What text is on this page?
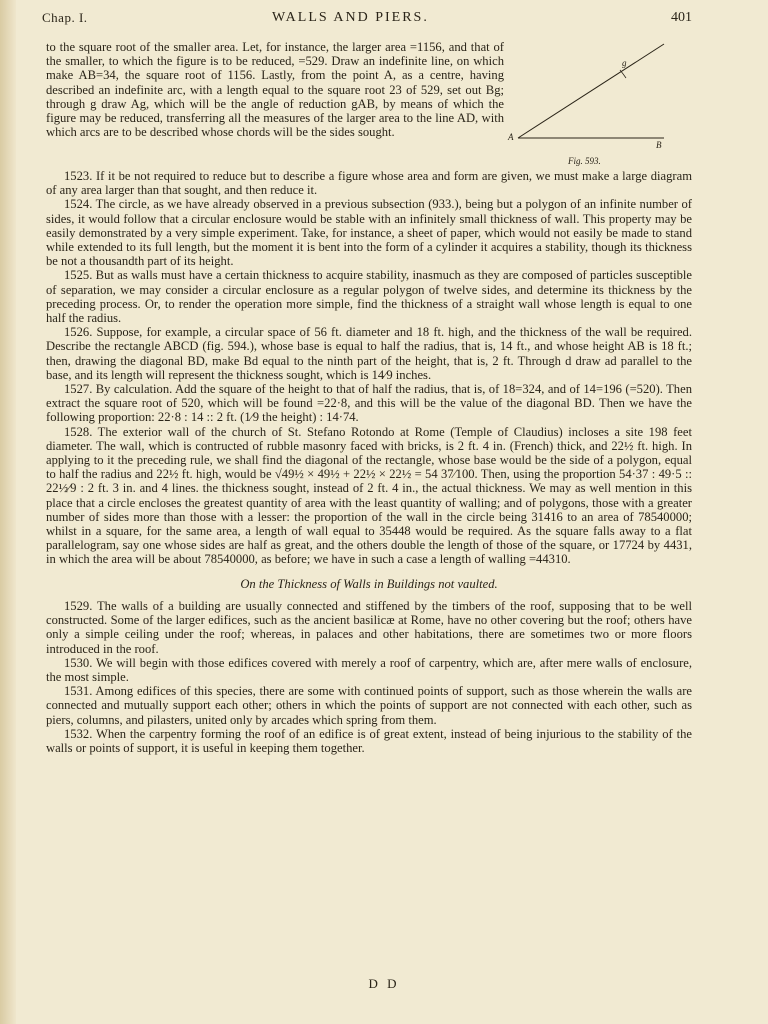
Chap. I.	WALLS AND PIERS.	401
to the square root of the smaller area. Let, for instance, the larger area =1156, and that of the smaller, to which the figure is to be reduced, =529. Draw an indefinite line, on which make AB=34, the square root of 1156. Lastly, from the point A, as a centre, having described an indefinite arc, with a length equal to the square root 23 of 529, set out Bg; through g draw Ag, which will be the angle of reduction gAB, by means of which the figure may be reduced, transferring all the measures of the larger area to the line AD, with which arcs are to be described whose chords will be the sides sought.	A
B
g
Fig. 593.

1523. If it be not required to reduce but to describe a figure whose area and form are given, we must make a large diagram of any area larger than that sought, and then reduce it.

1524. The circle, as we have already observed in a previous subsection (933.), being but a polygon of an infinite number of sides, it would follow that a circular enclosure would be stable with an infinitely small thickness of wall. This property may be easily demonstrated by a very simple experiment. Take, for instance, a sheet of paper, which would not easily be made to stand while extended to its full length, but the moment it is bent into the form of a cylinder it acquires a stability, though its thickness be not a thousandth part of its height.

1525. But as walls must have a certain thickness to acquire stability, inasmuch as they are composed of particles susceptible of separation, we may consider a circular enclosure as a regular polygon of twelve sides, and determine its thickness by the preceding process. Or, to render the operation more simple, find the thickness of a straight wall whose length is equal to one half the radius.

1526. Suppose, for example, a circular space of 56 ft. diameter and 18 ft. high, and the thickness of the wall be required. Describe the rectangle ABCD (fig. 594.), whose base is equal to half the radius, that is, 14 ft., and whose height AB is 18 ft.; then, drawing the diagonal BD, make Bd equal to the ninth part of the height, that is, 2 ft. Through d draw ad parallel to the base, and its length will represent the thickness sought, which is 14⁄9 inches.

1527. By calculation. Add the square of the height to that of half the radius, that is, of 18=324, and of 14=196 (=520). Then extract the square root of 520, which will be found =22·8, and this will be the value of the diagonal BD. Then we have the following proportion: 22·8 : 14 :: 2 ft. (1⁄9 the height) : 14·74.

1528. The exterior wall of the church of St. Stefano Rotondo at Rome (Temple of Claudius) incloses a site 198 feet diameter. The wall, which is contructed of rubble masonry faced with bricks, is 2 ft. 4 in. (French) thick, and 22½ ft. high. In applying to it the preceding rule, we shall find the diagonal of the rectangle, whose base would be the side of a polygon, equal to half the radius and 22½ ft. high, would be √49½ × 49½ + 22½ × 22½ = 54 37⁄100. Then, using the proportion 54·37 : 49·5 :: 22½⁄9 : 2 ft. 3 in. and 4 lines. the thickness sought, instead of 2 ft. 4 in., the actual thickness. We may as well mention in this place that a circle encloses the greatest quantity of area with the least quantity of walling; and of polygons, those with a greater number of sides more than those with a lesser: the proportion of the wall in the circle being 31416 to an area of 78540000; whilst in a square, for the same area, a length of wall equal to 35448 would be required. As the square falls away to a flat parallelogram, say one whose sides are half as great, and the others double the length of those of the square, or 17724 by 4431, in which the area will be about 78540000, as before; we have in such a case a length of walling =44310.

On the Thickness of Walls in Buildings not vaulted.

1529. The walls of a building are usually connected and stiffened by the timbers of the roof, supposing that to be well constructed. Some of the larger edifices, such as the ancient basilicæ at Rome, have no other covering but the roof; others have only a simple ceiling under the roof; whereas, in palaces and other habitations, there are sometimes two or more floors introduced in the roof.

1530. We will begin with those edifices covered with merely a roof of carpentry, which are, after mere walls of enclosure, the most simple.

1531. Among edifices of this species, there are some with continued points of support, such as those wherein the walls are connected and mutually support each other; others in which the points of support are not connected with each other, such as piers, columns, and pilasters, united only by arcades which spring from them.

1532. When the carpentry forming the roof of an edifice is of great extent, instead of being injurious to the stability of the walls or points of support, it is useful in keeping them together.

D D
